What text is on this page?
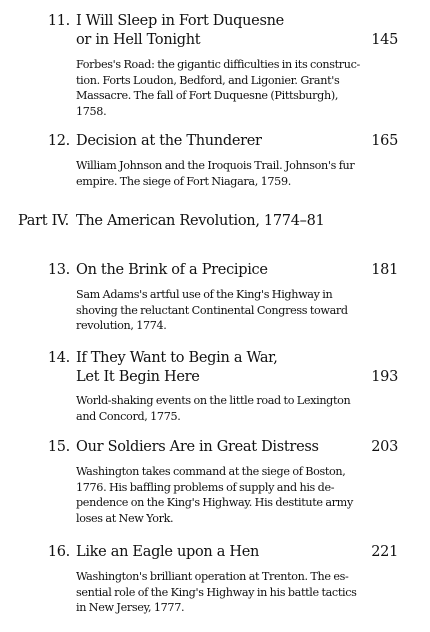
11. I Will Sleep in Fort Duquesne
or in Hell Tonight	145
Forbes's Road: the gigantic difficulties in its construc-
tion. Forts Loudon, Bedford, and Ligonier. Grant's
Massacre. The fall of Fort Duquesne (Pittsburgh),
1758.
12. Decision at the Thunderer	165
William Johnson and the Iroquois Trail. Johnson's fur
empire. The siege of Fort Niagara, 1759.
Part IV. The American Revolution, 1774–81
13. On the Brink of a Precipice	181
Sam Adams's artful use of the King's Highway in
shoving the reluctant Continental Congress toward
revolution, 1774.
14. If They Want to Begin a War,
Let It Begin Here	193
World-shaking events on the little road to Lexington
and Concord, 1775.
15. Our Soldiers Are in Great Distress	203
Washington takes command at the siege of Boston,
1776. His baffling problems of supply and his de-
pendence on the King's Highway. His destitute army
loses at New York.
16. Like an Eagle upon a Hen	221
Washington's brilliant operation at Trenton. The es-
sential role of the King's Highway in his battle tactics
in New Jersey, 1777.
